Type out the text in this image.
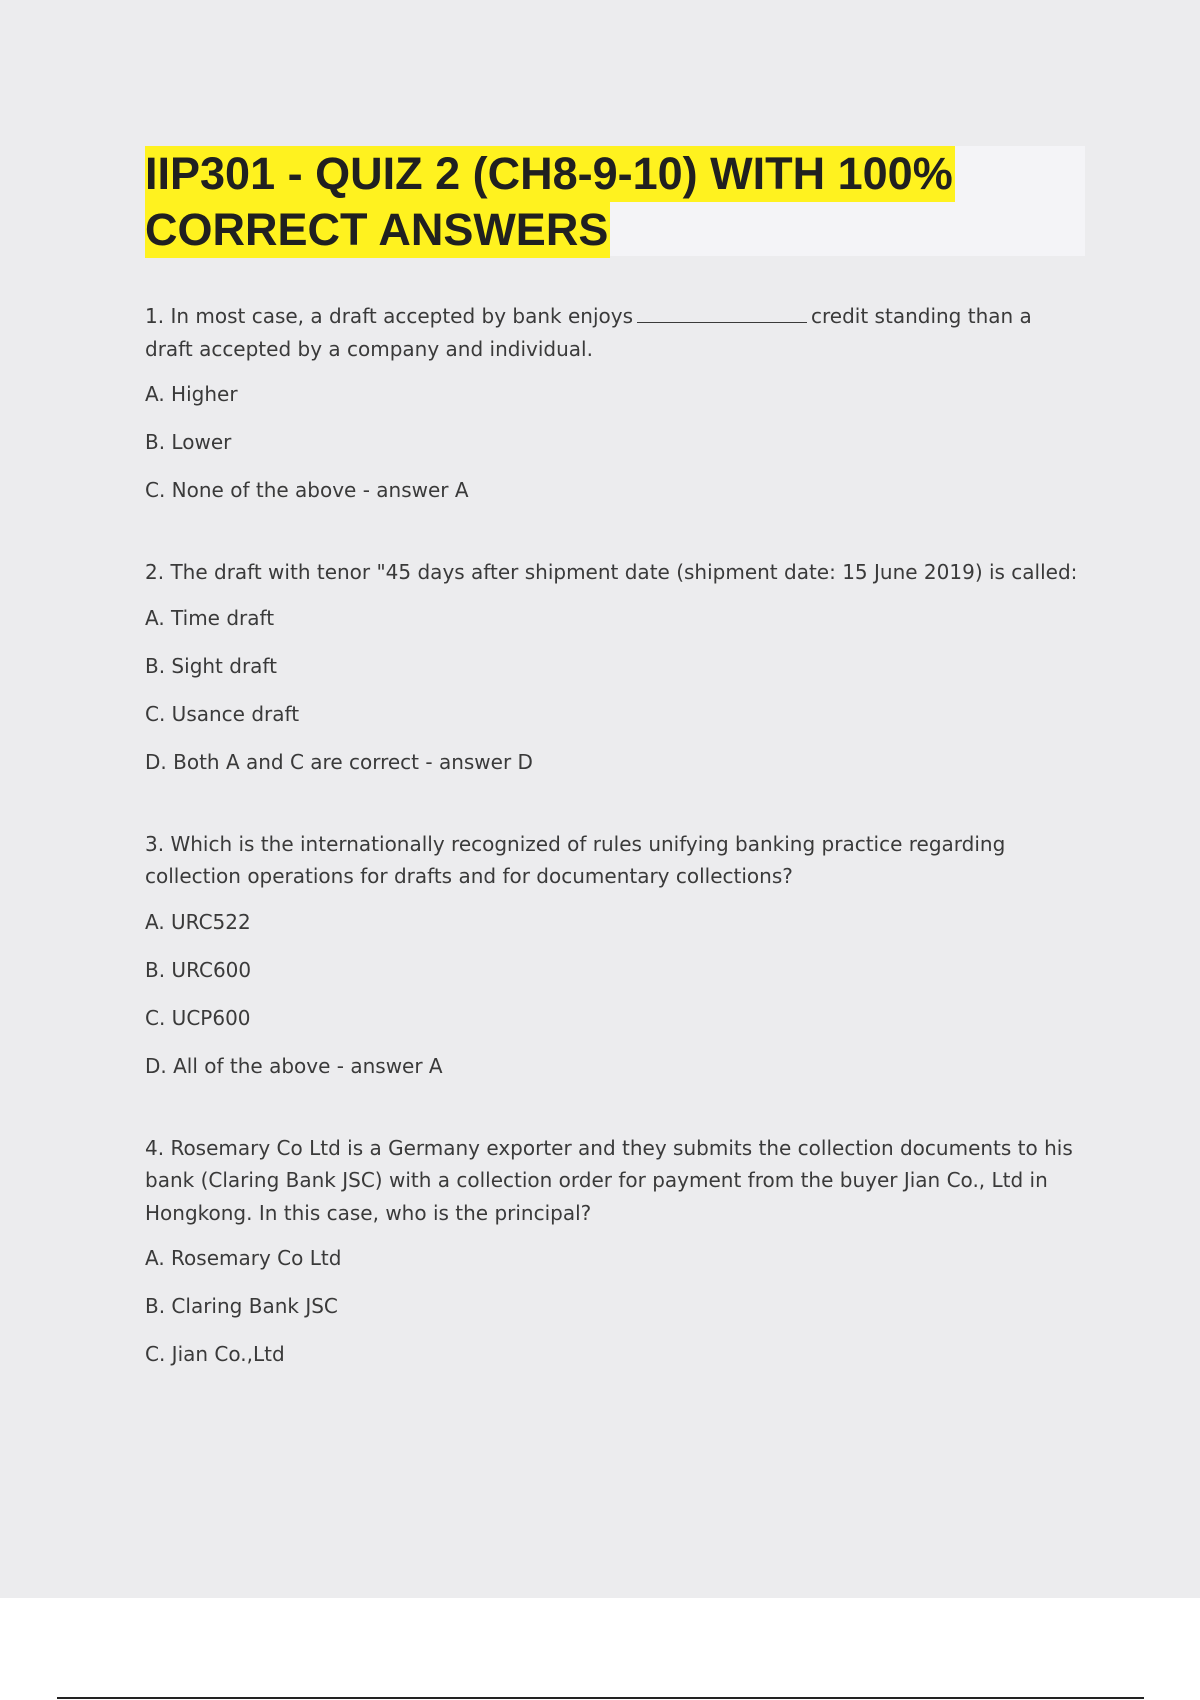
IIP301 - QUIZ 2 (CH8-9-10) WITH 100%
CORRECT ANSWERS

1. In most case, a draft accepted by bank enjoys	credit standing than a draft accepted by a company and individual.

A. Higher

B. Lower

C. None of the above - answer A

2. The draft with tenor "45 days after shipment date (shipment date: 15 June 2019) is called:

A. Time draft

B. Sight draft

C. Usance draft

D. Both A and C are correct - answer D

3. Which is the internationally recognized of rules unifying banking practice regarding collection operations for drafts and for documentary collections?

A. URC522

B. URC600

C. UCP600

D. All of the above - answer A

4. Rosemary Co Ltd is a Germany exporter and they submits the collection documents to his bank (Claring Bank JSC) with a collection order for payment from the buyer Jian Co., Ltd in Hongkong. In this case, who is the principal?

A. Rosemary Co Ltd

B. Claring Bank JSC

C. Jian Co.,Ltd
